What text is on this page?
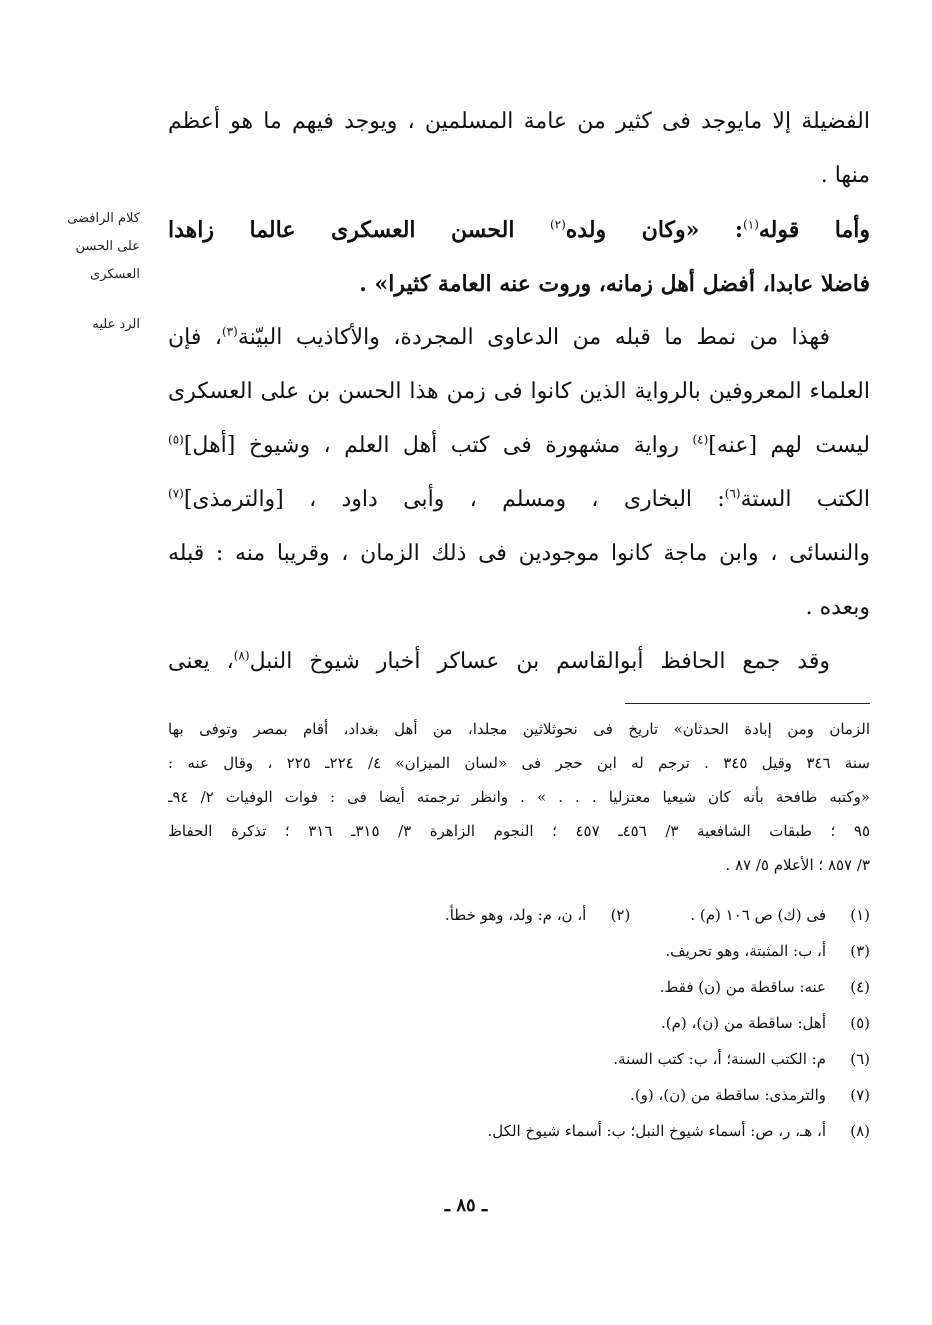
الفضيلة إلا مايوجد فى كثير من عامة المسلمين ، ويوجد فيهم ما هو أعظم
منها .
وأما قوله$^{(١)}$: «وكان ولده$^{(٢)}$ الحسن العسكرى عالما زاهدا
فاضلا عابدا، أفضل أهل زمانه، وروت عنه العامة كثيرا» .
فهذا من نمط ما قبله من الدعاوى المجردة، والأكاذيب البيّنة$^{(٣)}$، فإن
العلماء المعروفين بالرواية الذين كانوا فى زمن هذا الحسن بن على العسكرى
ليست لهم [عنه]$^{(٤)}$ رواية مشهورة فى كتب أهل العلم ، وشيوخ [أهل]$^{(٥)}$
الكتب الستة$^{(٦)}$: البخارى ، ومسلم ، وأبى داود ، [والترمذى]$^{(٧)}$
والنسائى ، وابن ماجة كانوا موجودين فى ذلك الزمان ، وقريبا منه : قبله
وبعده .
وقد جمع الحافظ أبوالقاسم بن عساكر أخبار شيوخ النبل$^{(٨)}$، يعنى
كلام الرافضى
على الحسن
العسكرى
الرد عليه
الزمان ومن إبادة الحدثان» تاريخ فى نحوثلاثين مجلدا، من أهل بغداد، أقام بمصر وتوفى بها
سنة ٣٤٦ وقيل ٣٤٥ . ترجم له ابن حجر فى «لسان الميزان» ٤/ ٢٢٤ـ ٢٢٥ ، وقال عنه :
«وكتبه طافحة بأنه كان شيعيا معتزليا . . . » . وانظر ترجمته أيضا فى : فوات الوفيات ٢/ ٩٤ـ
٩٥ ؛ طبقات الشافعية ٣/ ٤٥٦ـ ٤٥٧ ؛ النجوم الزاهرة ٣/ ٣١٥ـ ٣١٦ ؛ تذكرة الحفاظ
٣/ ٨٥٧ ؛ الأعلام ٥/ ٨٧ .
(١)
فى (ك) ص ١٠٦ (م) .
(٢)
أ، ن، م: ولد، وهو خطأ.
(٣)
أ، ب: المثبتة، وهو تحريف.
(٤)
عنه: ساقطة من (ن) فقط.
(٥)
أهل: ساقطة من (ن)، (م).
(٦)
م: الكتب السنة؛ أ، ب: كتب السنة.
(٧)
والترمذى: ساقطة من (ن)، (و).
(٨)
أ، هـ، ر، ص: أسماء شيوخ النبل؛ ب: أسماء شيوخ الكل.
ـ ٨٥ ـ
